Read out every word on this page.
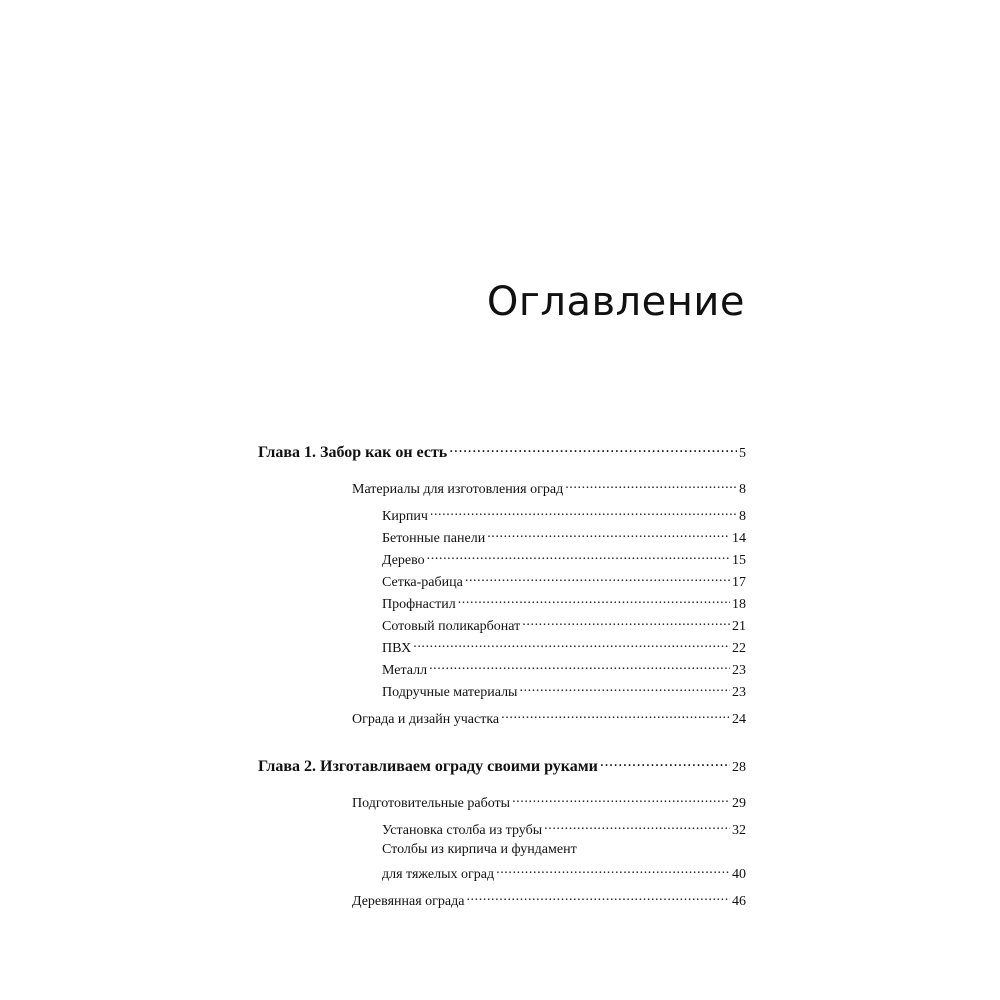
Оглавление
Глава 1. Забор как он есть .....	5
Материалы для изготовления оград .....	8
Кирпич .....	8
Бетонные панели .....	14
Дерево .....	15
Сетка-рабица .....	17
Профнастил .....	18
Сотовый поликарбонат .....	21
ПВХ .....	22
Металл .....	23
Подручные материалы .....	23
Ограда и дизайн участка .....	24
Глава 2. Изготавливаем ограду своими руками .....	28
Подготовительные работы .....	29
Установка столба из трубы .....	32
Столбы из кирпича и фундамент
для тяжелых оград .....	40
Деревянная ограда .....	46
